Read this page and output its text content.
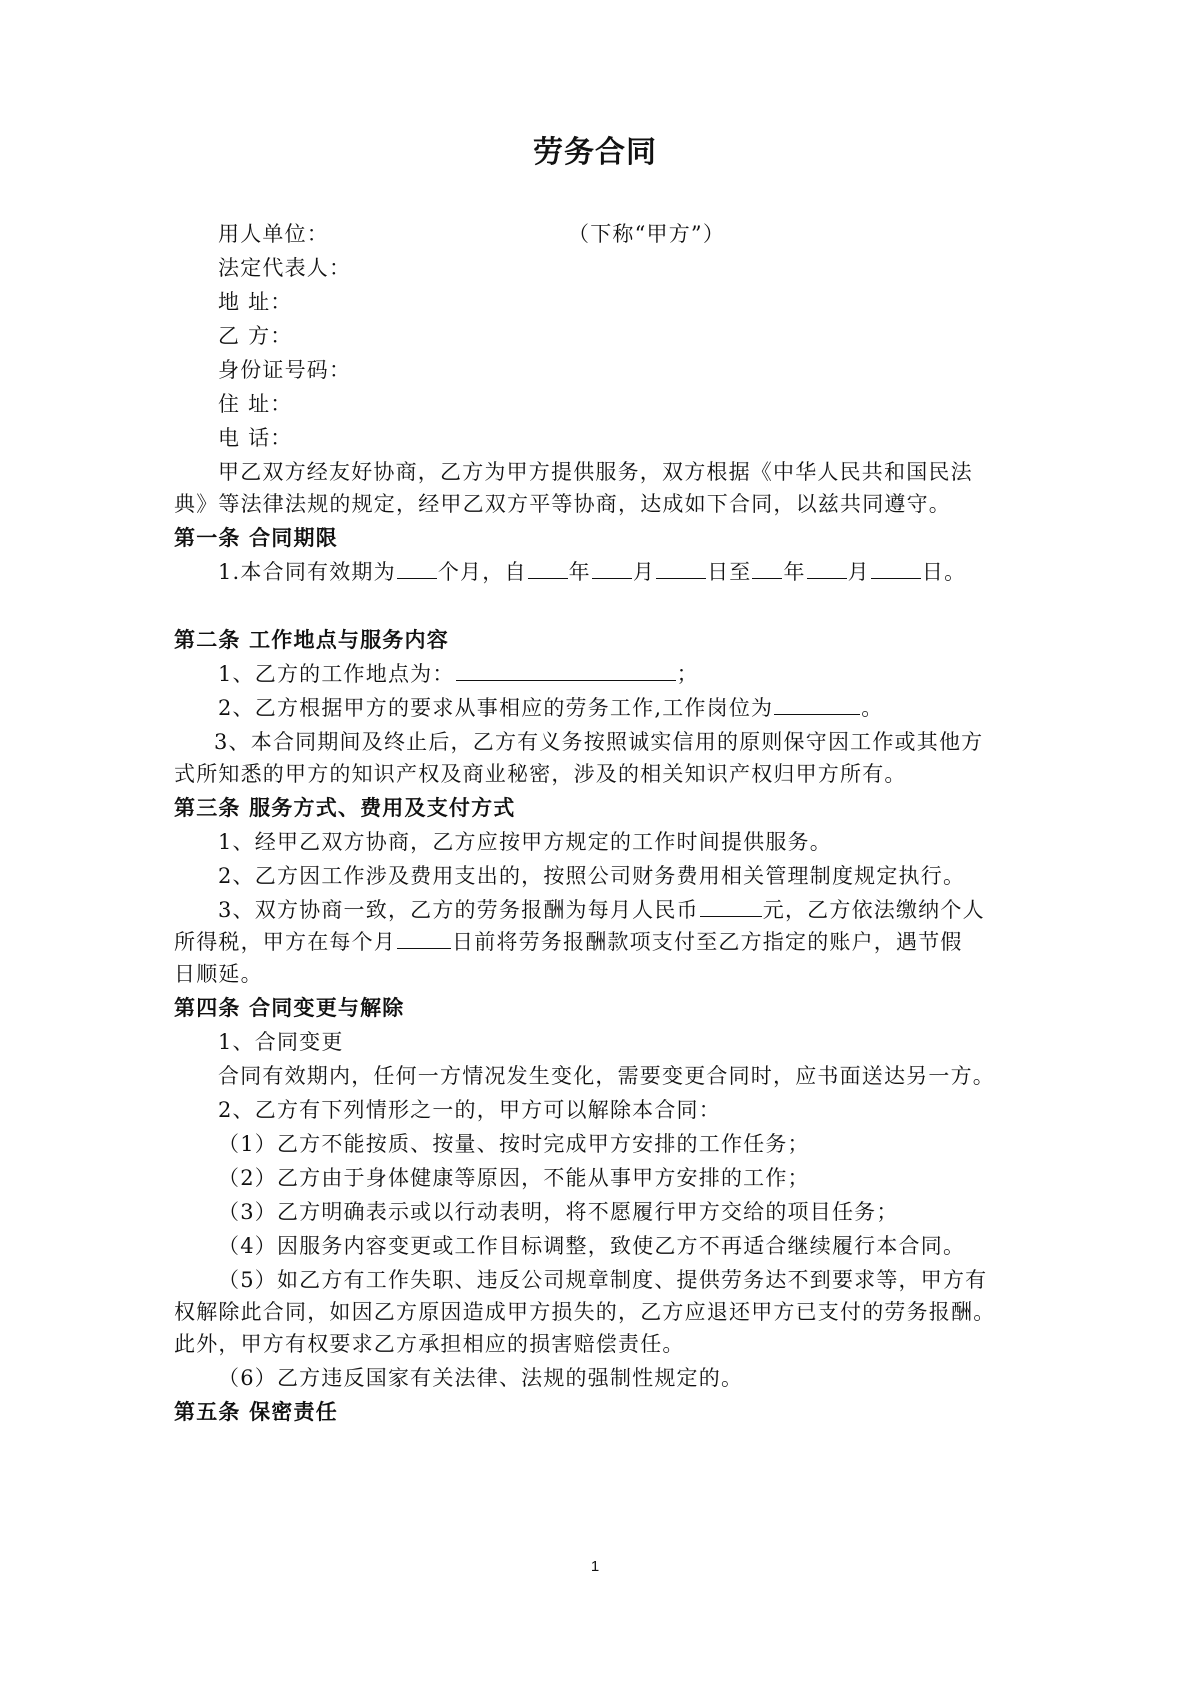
劳务合同
用人单位：	（下称“甲方”）
法定代表人：
地 址：
乙 方：
身份证号码：
住 址：
电 话：
甲乙双方经友好协商，乙方为甲方提供服务，双方根据《中华人民共和国民法
典》等法律法规的规定，经甲乙双方平等协商，达成如下合同，以兹共同遵守。
第一条 合同期限
1.本合同有效期为 个月，自 年 月 日至 年 月 日。
第二条 工作地点与服务内容
1、乙方的工作地点为：	；
2、乙方根据甲方的要求从事相应的劳务工作,工作岗位为	。
3、本合同期间及终止后，乙方有义务按照诚实信用的原则保守因工作或其他方
式所知悉的甲方的知识产权及商业秘密，涉及的相关知识产权归甲方所有。
第三条 服务方式、费用及支付方式
1、经甲乙双方协商，乙方应按甲方规定的工作时间提供服务。
2、乙方因工作涉及费用支出的，按照公司财务费用相关管理制度规定执行。
3、双方协商一致，乙方的劳务报酬为每月人民币	元，乙方依法缴纳个人
所得税，甲方在每个月	日前将劳务报酬款项支付至乙方指定的账户，遇节假
日顺延。
第四条 合同变更与解除
1、合同变更
合同有效期内，任何一方情况发生变化，需要变更合同时，应书面送达另一方。
2、乙方有下列情形之一的，甲方可以解除本合同：
（1）乙方不能按质、按量、按时完成甲方安排的工作任务；
（2）乙方由于身体健康等原因，不能从事甲方安排的工作；
（3）乙方明确表示或以行动表明，将不愿履行甲方交给的项目任务；
（4）因服务内容变更或工作目标调整，致使乙方不再适合继续履行本合同。
（5）如乙方有工作失职、违反公司规章制度、提供劳务达不到要求等，甲方有
权解除此合同，如因乙方原因造成甲方损失的，乙方应退还甲方已支付的劳务报酬。
此外，甲方有权要求乙方承担相应的损害赔偿责任。
（6）乙方违反国家有关法律、法规的强制性规定的。
第五条 保密责任
1
